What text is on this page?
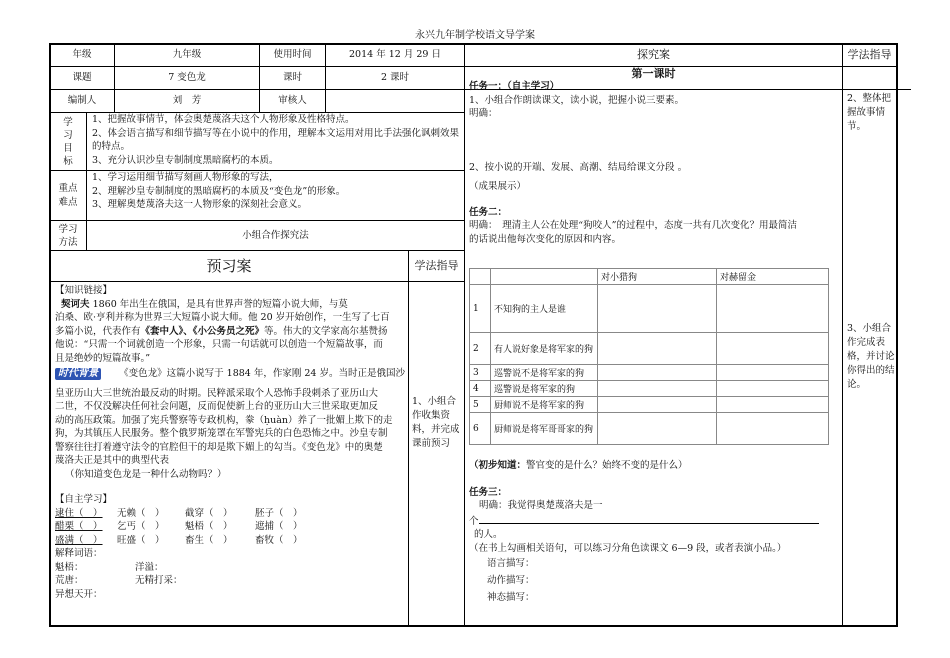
永兴九年制学校语文导学案
年级	九年级	使用时间	2014 年 12 月 29 日
课题	7 变色龙	课时	2 课时
编制人	刘　芳	审核人
学
习
目
标
1、把握故事情节，体会奥楚蔑洛夫这个人物形象及性格特点。
2、体会语言描写和细节描写等在小说中的作用，理解本文运用对用比手法强化讽刺效果的特点。
3、充分认识沙皇专制制度黑暗腐朽的本质。
重点
难点
1、学习运用细节描写刻画人物形象的写法，
2、理解沙皇专制制度的黑暗腐朽的本质及“变色龙”的形象。
3、理解奥楚蔑洛夫这一人物形象的深刻社会意义。
学习
方法
小组合作探究法
预习案	学法指导
【知识链接】
契诃夫 1860 年出生在俄国，是具有世界声誉的短篇小说大师，与莫
泊桑、欧·亨利并称为世界三大短篇小说大师。他 20 岁开始创作，一生写了七百
多篇小说，代表作有《套中人》、《小公务员之死》等。伟大的文学家高尔基赞扬
他说：“只需一个词就创造一个形象，只需一句话就可以创造一个短篇故事，而
且是绝妙的短篇故事。”
时代背景 《变色龙》这篇小说写于 1884 年，作家刚 24 岁。当时正是俄国沙
皇亚历山大三世统治最反动的时期。民粹派采取个人恐怖手段刺杀了亚历山大
二世，不仅没解决任何社会问题，反而促使新上台的亚历山大三世采取更加反
动的高压政策。加强了宪兵警察等专政机构，豢（ḥuàn）养了一批媚上欺下的走
狗，为其镇压人民服务。整个俄罗斯笼罩在军警宪兵的白色恐怖之中。沙皇专制
警察往往打着遵守法令的官腔但干的却是欺下媚上的勾当。《变色龙》中的奥楚
蔑洛夫正是其中的典型代表
（你知道变色龙是一种什么动物吗？）
【自主学习】
逮住（　）	无赖（　）	截穿（　）	胚子（　）
醋栗（　）	乞丐（　）	魁梧（　）	遮捕（　）
盛满（　）	旺盛（　）	畜生（　）	畜牧（　）
解释词语：
魁梧：	洋溢：
荒唐：	无精打采：
异想天开：
1、小组合作收集资料，并完成课前预习
探究案	学法指导
第一课时
任务一：（自主学习）
1、小组合作朗读课文，读小说，把握小说三要素。
明确：
2、按小说的开端、发展、高潮、结局给课文分段 。
（成果展示）
任务二：
明确：　理清主人公在处理“狗咬人”的过程中，态度一共有几次变化？用最简洁
的话说出他每次变化的原因和内容。
		对小猎狗	对赫留金
1	不知狗的主人是谁		
2	有人说好象是将军家的狗		
3	巡警说不是将军家的狗		
4	巡警说是将军家的狗		
5	厨师说不是将军家的狗		
6	厨师说是将军哥哥家的狗		
（初步知道：警官变的是什么？始终不变的是什么）
任务三：
明确：我觉得奥楚蔑洛夫是一
个
的人。
（在书上勾画相关语句，可以练习分角色读课文 6—9 段，或者表演小品。）
语言描写：
动作描写：
神态描写：
2、整体把握故事情节。
3、小组合作完成表格，并讨论你得出的结论。
